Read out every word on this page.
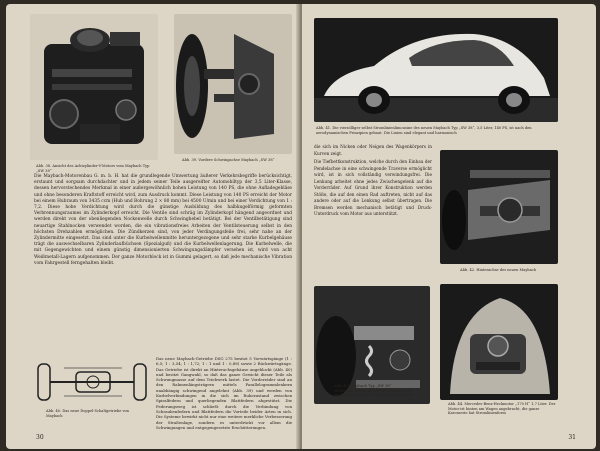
Abb. 38. Ansicht des Achtzylinder-V-Motors vom Maybach Typ „SW 38“
Abb. 39. Vordere Schwingachse Maybach „SW 38“

Die Maybach-Motorenbau G. m. b. H. hat die grundlegende Umwertung äußerer Verkehrsbegriffe berücksichtigt, erstaunt und sorgsam durchdachter und in jedem seiner Teile ausgereifter Automobiltyp der 3,5 Liter-Klasse, dessen hervorstechendes Merkmal in einer außergewöhnlich hohen Leistung von 140 PS, die ohne Aufladegebläse und ohne besonderen Kraftstoff erreicht wird, zum Ausdruck kommt. Diese Leistung von 140 PS erreicht der Motor bei einem Hubraum von 3435 ccm (Hub und Bohrung 2 × 80 mm) bei 4500 U/min und bei einer Verdichtung von 1 : 7,2. Diese hohe Verdichtung wird durch die günstige Ausbildung des halbkugelförmig geformten Verbrennungsraumes im Zylinderkopf erreicht. Die Ventile sind schräg im Zylinderkopf hängend angeordnet und werden direkt von der obenliegenden Nockenwelle durch Schwinghebel betätigt. Bei der Ventilbetätigung sind neuartige Stahlnocken verwendet worden, die ein vibrationsfreies Arbeiten der Ventilsteuerung selbst in den höchsten Drehzahlen ermöglichen. Die Zündkerzen sind, von jeder Verdingungsfeile frei, sehr nahe an der Zylindermitte eingesetzt. Das sind unter die Kurbelwellenmitte heruntergezogene und sehr starke Kurbelgehäuse trägt die auswechselbaren Zylinderlaufbüchsen (Spezialguß) und die Kurbelwellenlagerung. Die Kurbelwelle, die mit Gegengewichten und einem günstig dimensionierten Schwingungsdämpfer versehen ist, wird von acht Weißmetall-Lagern aufgenommen. Der ganze Motorblock ist in Gummi gelagert, so daß jede mechanische Vibration vom Fahrgestell ferngehalten bleibt.

Das neue Maybach-Getriebe DSG 275 besitzt 5 Vorwärtsgänge (1 : 6,5; 1 : 3,54; 1 : 1,72; 1 : 1 und 1 : 0,88) sowie 2 Rückwärtsgänge. Das Getriebe ist direkt an Hinterachsgehäuse angeblockt (Abb. 40) und besitzt Gangwahl, so daß das ganze Gewicht dieser Teile als Schwungmasse auf dem Triebwerk lastet. Die Vorderräder sind an den Rahmenlängsträgern mittels Parallelogrammlenkern unabhängig schwingend angelehnt (Abb. 39) und werden von Kurbelverbindungen in die sich im Ruhezustand zwischen Spiralfedern und querliegenden Blattfedern abgestützt. Die Federungsweg ist schließt durch die Verbindung von Schraubenfedern und Blattfedern die Vorteile beider Arten in sich. Die Systeme bewirkt nicht nur eine weitere merkliche Verbesserung der Straßenlage, sondern es unterdrückt vor allem die Schwingungen und entgegengesetzte Erschütterungen.

Abb. 40. Das neue Doppel-Schaltgetriebe von Maybach
30
Abb. 41. Die vierzölliger selbst Stromlinienlimousine des neuen Maybach Typ „SW 38“, 3,5 Liter, 140 PS, ist nach den aerodynamischen Prinzipien gebaut. Die Linien sind elegant und harmonisch

die sich im Nicken oder Neigen des Wagenkörpers in Kurven zeigt.

Die Tiefbettkonstruktion, welche durch den Einbau der Pendelachse in eine schwingende Traverse ermöglicht wird, ist in sich vollständig verwindungsfrei. Die Lenkung arbeitet ohne jedes Zwischengelenk auf die Vorderräder. Auf Grund ihrer Konstruktion werden Stöße, die auf den einen Rad auftreten, nicht auf das andere oder auf die Lenkung selbst übertragen. Die Bremsen werden mechanisch betätigt und Druck-Unterdruck vom Motor aus unterstützt.

Abb. 42. Hinterachse des neuen Maybach
Abb. 43. Maybach Typ „SW 38“. Vorderachsfederung mit Spiralfedern und querliegender Blatt- und Schraubenfedern
Abb. 44. Mercedes-Benz-Heckmotor „170 H“ 1,7 Liter. Der Motor ist hinten am Wagen angebracht, die ganze Karosserie hat Stromlinienform
31
